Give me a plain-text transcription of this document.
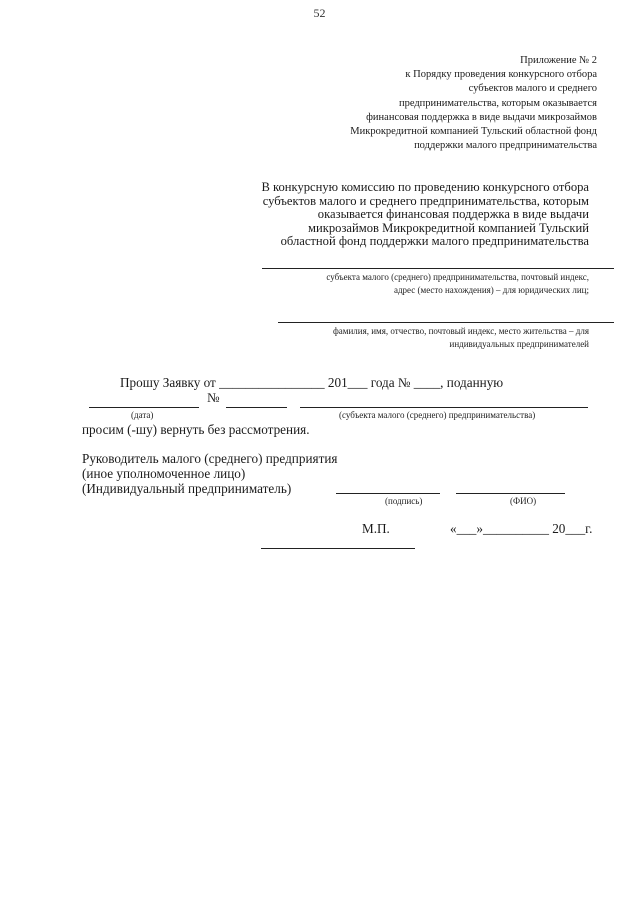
52
Приложение № 2
к Порядку проведения конкурсного отбора
субъектов малого и среднего
предпринимательства, которым оказывается
финансовая поддержка в виде выдачи микрозаймов
Микрокредитной компанией Тульский областной фонд
поддержки малого предпринимательства
В конкурсную комиссию по проведению конкурсного отбора
субъектов малого и среднего предпринимательства, которым
оказывается финансовая поддержка в виде выдачи
микрозаймов Микрокредитной компанией Тульский
областной фонд поддержки малого предпринимательства
субъекта малого (среднего) предпринимательства, почтовый индекс,
адрес (место нахождения) – для юридических лиц;
фамилия, имя, отчество, почтовый индекс, место жительства – для
индивидуальных предпринимателей
Прошу Заявку от ________________ 201___ года № ____, поданную
№
(дата)	(субъекта малого (среднего) предпринимательства)
просим (-шу) вернуть без рассмотрения.
Руководитель малого (среднего) предприятия
(иное уполномоченное лицо)
(Индивидуальный предприниматель)
(подпись)	(ФИО)
М.П.	«___»__________ 20___г.
